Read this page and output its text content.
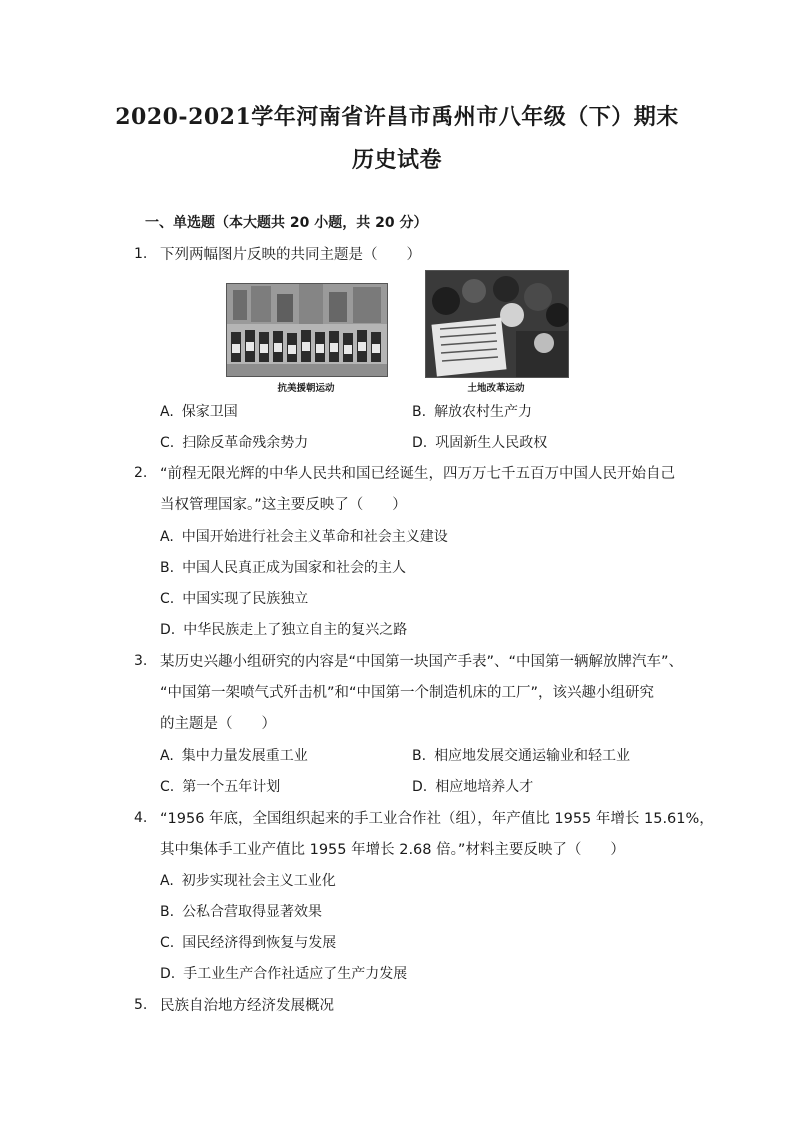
2020-2021学年河南省许昌市禹州市八年级（下）期末
历史试卷
一、单选题（本大题共 20 小题，共 20 分）
1. 下列两幅图片反映的共同主题是（　　）
抗美援朝运动	土地改革运动
A. 保家卫国	B. 解放农村生产力
C. 扫除反革命残余势力	D. 巩固新生人民政权
2. “前程无限光辉的中华人民共和国已经诞生，四万万七千五百万中国人民开始自己
当权管理国家。”这主要反映了（　　）
A. 中国开始进行社会主义革命和社会主义建设
B. 中国人民真正成为国家和社会的主人
C. 中国实现了民族独立
D. 中华民族走上了独立自主的复兴之路
3. 某历史兴趣小组研究的内容是“中国第一块国产手表”、“中国第一辆解放牌汽车”、
“中国第一架喷气式歼击机”和“中国第一个制造机床的工厂”，该兴趣小组研究
的主题是（　　）
A. 集中力量发展重工业	B. 相应地发展交通运输业和轻工业
C. 第一个五年计划	D. 相应地培养人才
4. “1956 年底，全国组织起来的手工业合作社（组），年产值比 1955 年增长 15.61%，
其中集体手工业产值比 1955 年增长 2.68 倍。”材料主要反映了（　　）
A. 初步实现社会主义工业化
B. 公私合营取得显著效果
C. 国民经济得到恢复与发展
D. 手工业生产合作社适应了生产力发展
5. 民族自治地方经济发展概况
